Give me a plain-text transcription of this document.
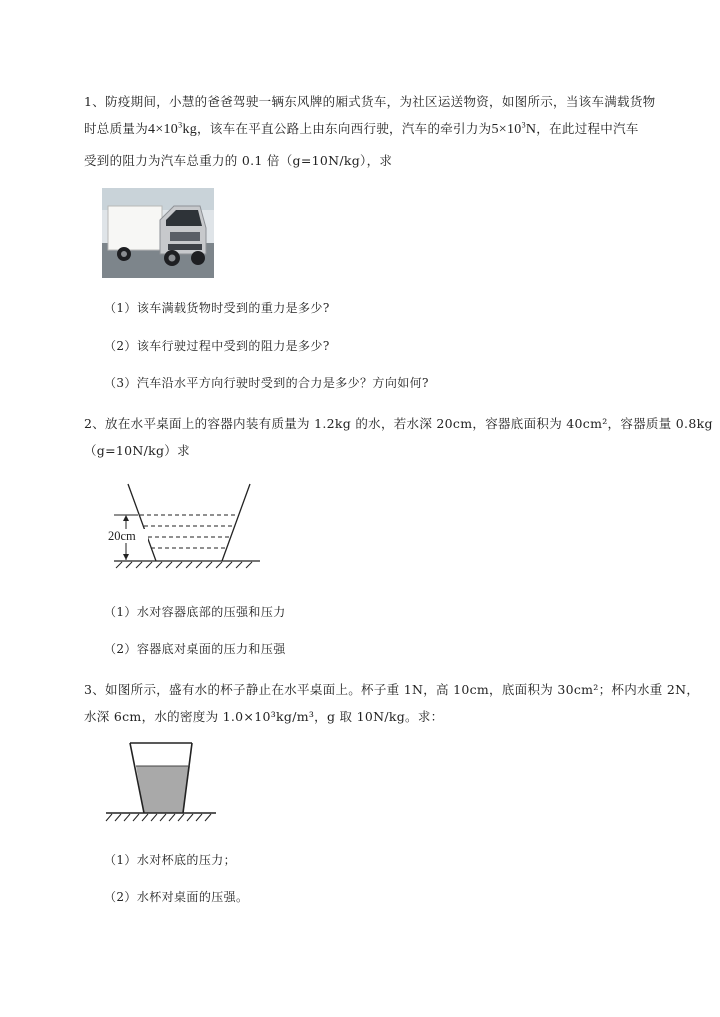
1、防疫期间，小慧的爸爸驾驶一辆东风牌的厢式货车，为社区运送物资，如图所示，当该车满载货物
时总质量为$4\times 10^3kg$，该车在平直公路上由东向西行驶，汽车的牵引力为$5\times 10^3N$，在此过程中汽车
受到的阻力为汽车总重力的 0.1 倍（g=10N/kg），求
（1）该车满载货物时受到的重力是多少?
（2）该车行驶过程中受到的阻力是多少?
（3）汽车沿水平方向行驶时受到的合力是多少？方向如何?
2、放在水平桌面上的容器内装有质量为 1.2kg 的水，若水深 20cm，容器底面积为 40cm²，容器质量 0.8kg
（g=10N/kg）求
20cm
（1）水对容器底部的压强和压力
（2）容器底对桌面的压力和压强
3、如图所示，盛有水的杯子静止在水平桌面上。杯子重 1N，高 10cm，底面积为 30cm²；杯内水重 2N，
水深 6cm，水的密度为 1.0×10³kg/m³，g 取 10N/kg。求：
（1）水对杯底的压力；
（2）水杯对桌面的压强。
